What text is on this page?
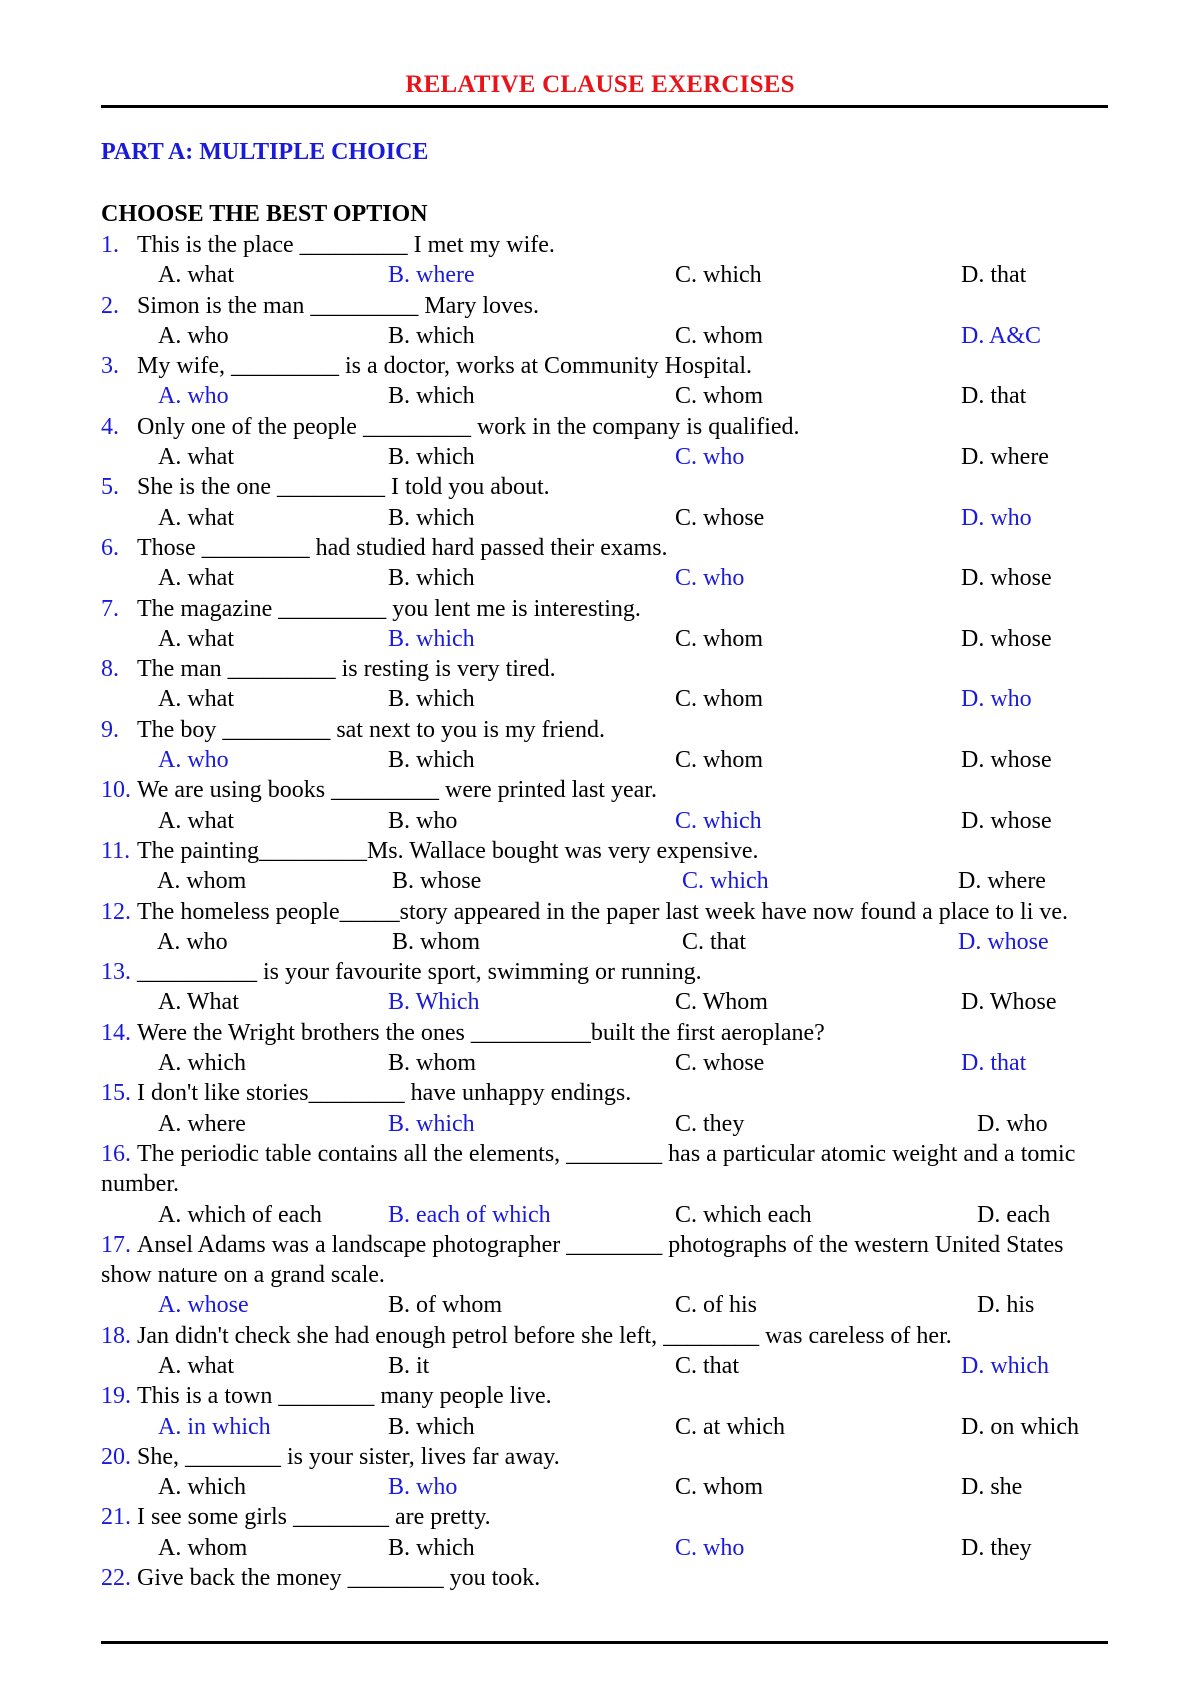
RELATIVE CLAUSE EXERCISES
PART A: MULTIPLE CHOICE
CHOOSE THE BEST OPTION
1. This is the place _________ I met my wife.
A. what	B. where	C. which	D. that
2. Simon is the man _________ Mary loves.
A. who	B. which	C. whom	D. A&C
3. My wife, _________ is a doctor, works at Community Hospital.
A. who	B. which	C. whom	D. that
4. Only one of the people _________ work in the company is qualified.
A. what	B. which	C. who	D. where
5. She is the one _________ I told you about.
A. what	B. which	C. whose	D. who
6. Those _________ had studied hard passed their exams.
A. what	B. which	C. who	D. whose
7. The magazine _________ you lent me is interesting.
A. what	B. which	C. whom	D. whose
8. The man _________ is resting is very tired.
A. what	B. which	C. whom	D. who
9. The boy _________ sat next to you is my friend.
A. who	B. which	C. whom	D. whose
10. We are using books _________ were printed last year.
A. what	B. who	C. which	D. whose
11. The painting_________Ms. Wallace bought was very expensive.
A. whom	B. whose	C. which	D. where
12. The homeless people_____story appeared in the paper last week have now found a place to li ve.
A. who	B. whom	C. that	D. whose
13. __________ is your favourite sport, swimming or running.
A. What	B. Which	C. Whom	D. Whose
14. Were the Wright brothers the ones __________built the first aeroplane?
A. which	B. whom	C. whose	D. that
15. I don't like stories________ have unhappy endings.
A. where	B. which	C. they	D. who
16. The periodic table contains all the elements, ________ has a particular atomic weight and a tomic number.
A. which of each	B. each of which	C. which each	D. each
17. Ansel Adams was a landscape photographer ________ photographs of the western United States show nature on a grand scale.
A. whose	B. of whom	C. of his	D. his
18. Jan didn't check she had enough petrol before she left, ________ was careless of her.
A. what	B. it	C. that	D. which
19. This is a town ________ many people live.
A. in which	B. which	C. at which	D. on which
20. She, ________ is your sister, lives far away.
A. which	B. who	C. whom	D. she
21. I see some girls ________ are pretty.
A. whom	B. which	C. who	D. they
22. Give back the money ________ you took.
